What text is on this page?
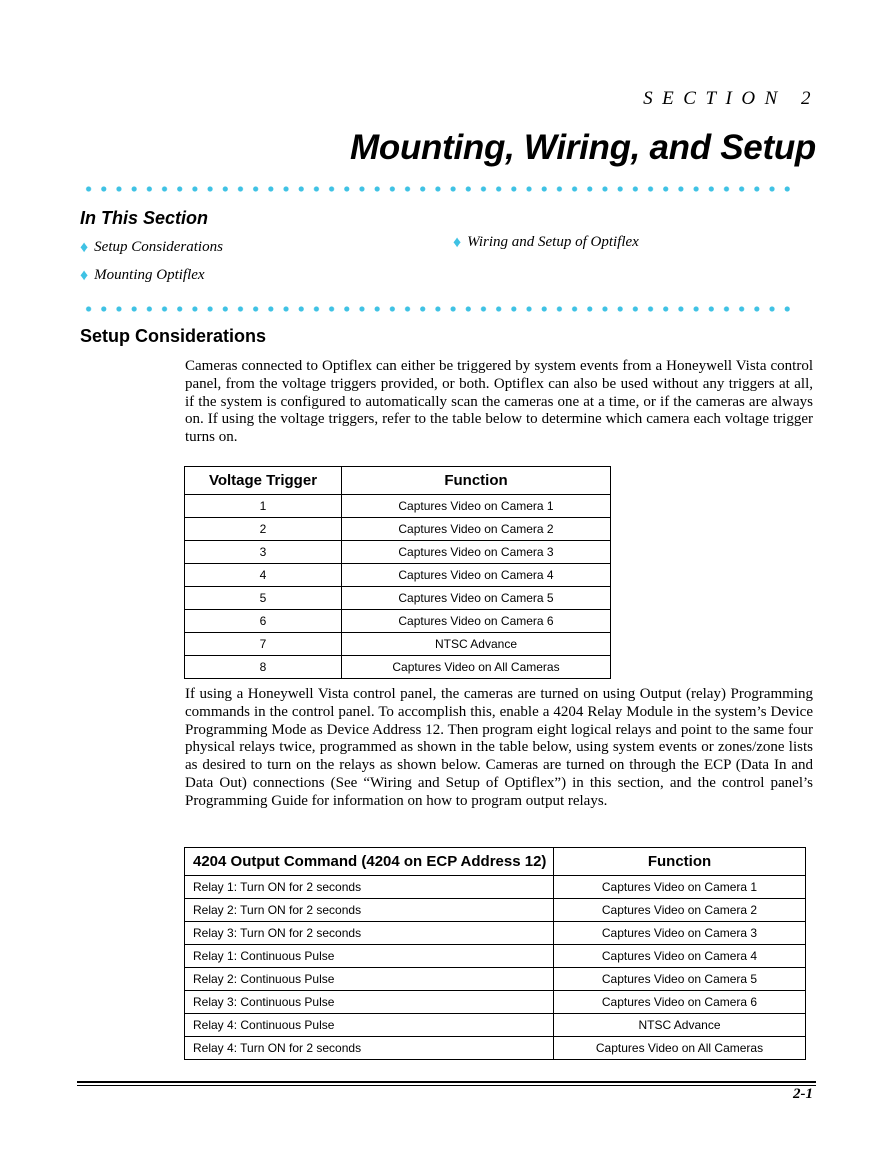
SECTION 2
Mounting, Wiring, and Setup
In This Section
♦ Setup Considerations
♦ Mounting Optiflex
♦ Wiring and Setup of Optiflex
Setup Considerations
Cameras connected to Optiflex can either be triggered by system events from a Honeywell Vista control panel, from the voltage triggers provided, or both. Optiflex can also be used without any triggers at all, if the system is configured to automatically scan the cameras one at a time, or if the cameras are always on. If using the voltage triggers, refer to the table below to determine which camera each voltage trigger turns on.
Voltage Trigger	Function
1	Captures Video on Camera 1
2	Captures Video on Camera 2
3	Captures Video on Camera 3
4	Captures Video on Camera 4
5	Captures Video on Camera 5
6	Captures Video on Camera 6
7	NTSC Advance
8	Captures Video on All Cameras
If using a Honeywell Vista control panel, the cameras are turned on using Output (relay) Programming commands in the control panel. To accomplish this, enable a 4204 Relay Module in the system’s Device Programming Mode as Device Address 12. Then program eight logical relays and point to the same four physical relays twice, programmed as shown in the table below, using system events or zones/zone lists as desired to turn on the relays as shown below. Cameras are turned on through the ECP (Data In and Data Out) connections (See “Wiring and Setup of Optiflex”) in this section, and the control panel’s Programming Guide for information on how to program output relays.
4204 Output Command (4204 on ECP Address 12)	Function
Relay 1: Turn ON for 2 seconds	Captures Video on Camera 1
Relay 2: Turn ON for 2 seconds	Captures Video on Camera 2
Relay 3: Turn ON for 2 seconds	Captures Video on Camera 3
Relay 1: Continuous Pulse	Captures Video on Camera 4
Relay 2: Continuous Pulse	Captures Video on Camera 5
Relay 3: Continuous Pulse	Captures Video on Camera 6
Relay 4: Continuous Pulse	NTSC Advance
Relay 4: Turn ON for 2 seconds	Captures Video on All Cameras
2-1
